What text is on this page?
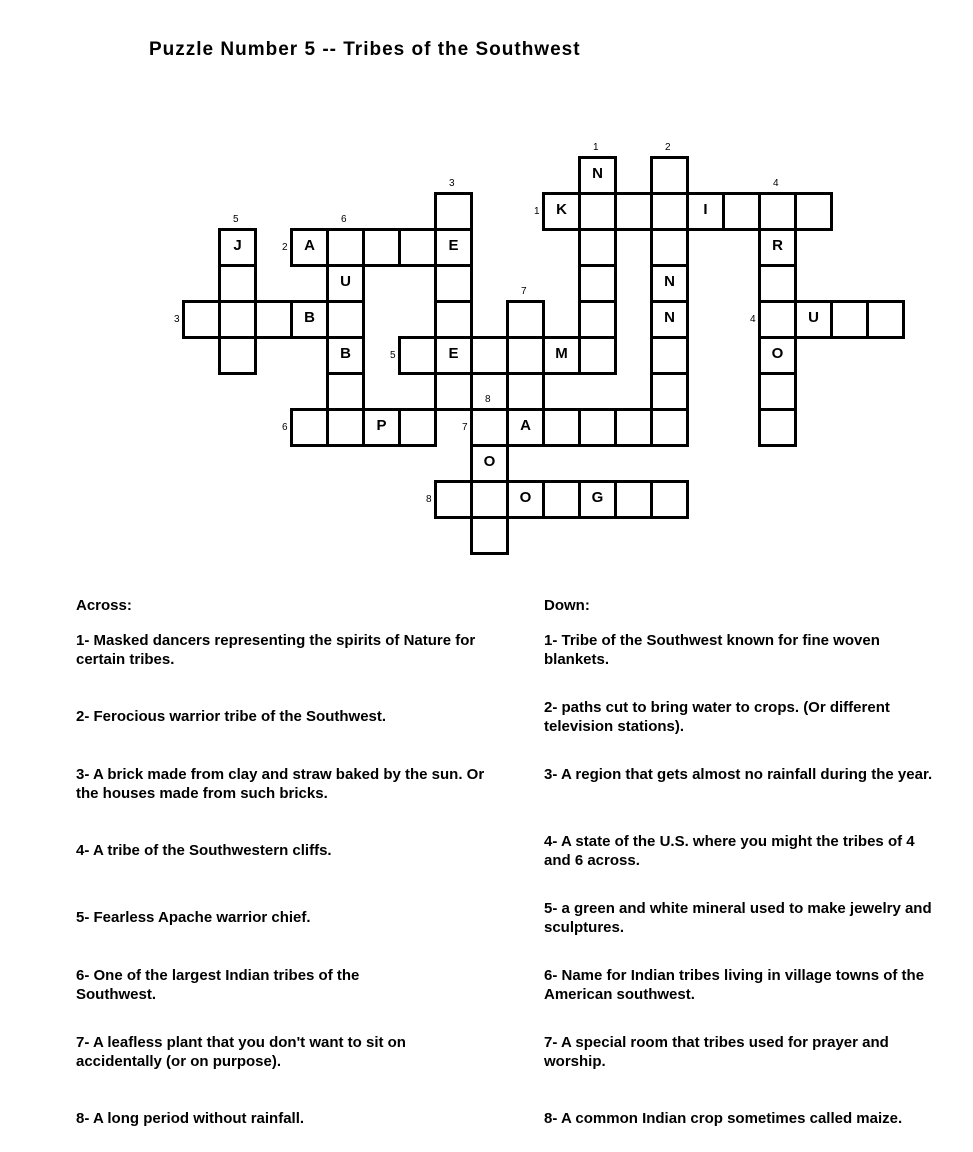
Puzzle Number 5 -- Tribes of the Southwest
N
K	I
J	A	E	R
U	N
B	N	U
B	E	M	O
P	A
O
O	G
1	2
3	4
1
5	6
2
7
3	4
5
8
6	7
8
Across:	Down:
1- Masked dancers representing the spirits of Nature for certain tribes.
2- Ferocious warrior tribe of the Southwest.
3- A brick made from clay and straw baked by the sun. Or the houses made from such bricks.
4- A tribe of the Southwestern cliffs.
5- Fearless Apache warrior chief.
6- One of the largest Indian tribes of the Southwest.
7- A leafless plant that you don't want to sit on accidentally (or on purpose).
8- A long period without rainfall.
1- Tribe of the Southwest known for fine woven blankets.
2- paths cut to bring water to crops. (Or different television stations).
3- A region that gets almost no rainfall during the year.
4- A state of the U.S. where you might the tribes of 4 and 6 across.
5- a green and white mineral used to make jewelry and sculptures.
6- Name for Indian tribes living in village towns of the American southwest.
7- A special room that tribes used for prayer and worship.
8- A common Indian crop sometimes called maize.
